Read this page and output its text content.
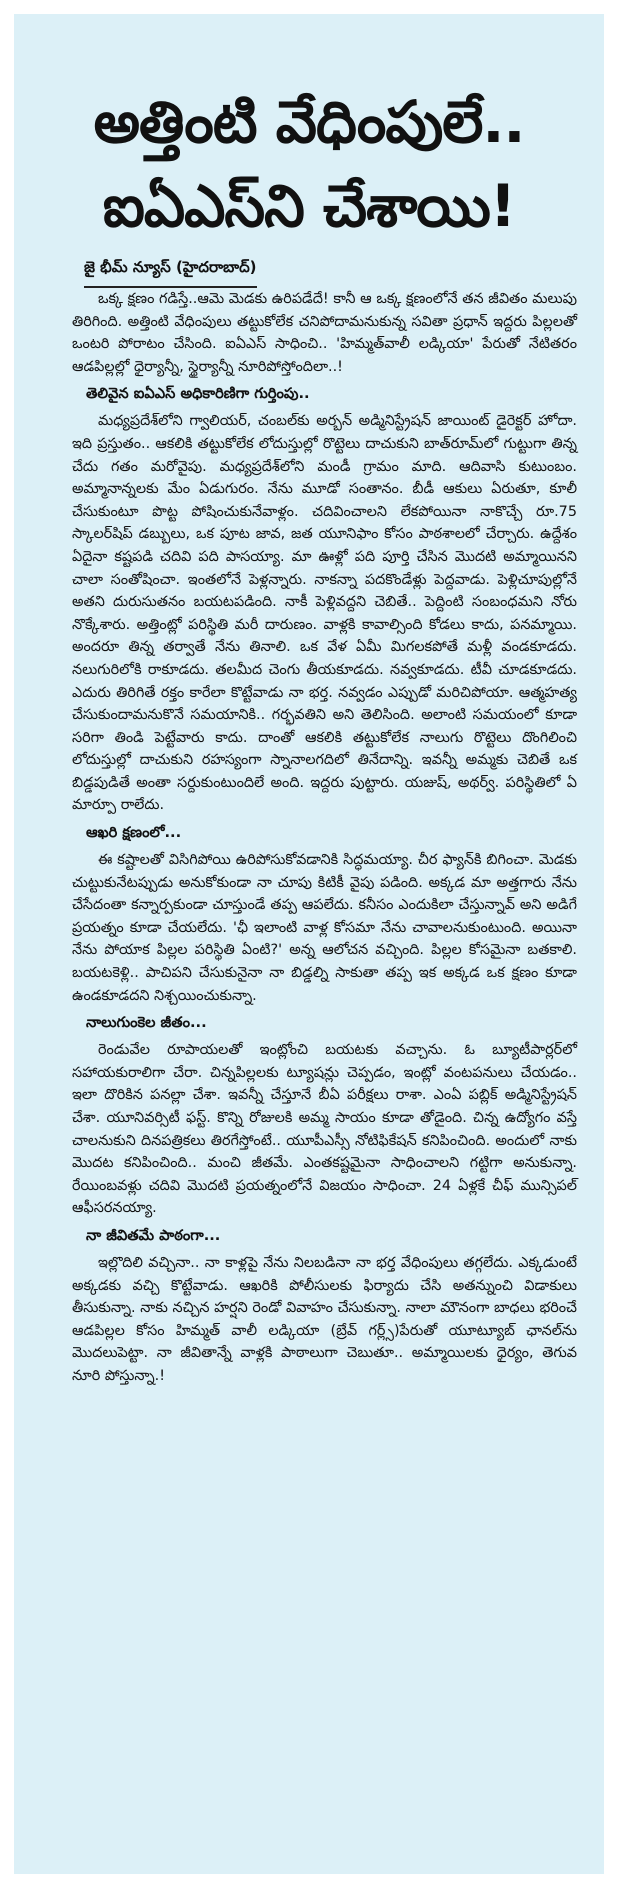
అత్తింటి వేధింపులే..
ఐఏఎస్‌ని చేశాయి!
జై భీమ్ న్యూస్ (హైదరాబాద్)

ఒక్క క్షణం గడిస్తే..ఆమె మెడకు ఉరిపడేదే! కానీ ఆ ఒక్క క్షణంలోనే తన జీవితం మలుపు తిరిగింది. అత్తింటి వేధింపులు తట్టుకోలేక చనిపోదామనుకున్న సవితా ప్రధాన్ ఇద్దరు పిల్లలతో ఒంటరి పోరాటం చేసింది. ఐఏఎస్ సాధించి.. 'హిమ్మత్‌వాలీ లడ్కియా' పేరుతో నేటితరం ఆడపిల్లల్లో ధైర్యాన్నీ, స్థైర్యాన్నీ నూరిపోస్తోందిలా..!

తెలివైన ఐఏఎస్ అధికారిణిగా గుర్తింపు..

మధ్యప్రదేశ్‌లోని గ్వాలియర్, చంబల్‌కు అర్బన్ అడ్మినిస్ట్రేషన్ జాయింట్ డైరెక్టర్ హోదా. ఇది ప్రస్తుతం.. ఆకలికి తట్టుకోలేక లోదుస్తుల్లో రొట్టెలు దాచుకుని బాత్‌రూమ్‌లో గుట్టుగా తిన్న చేదు గతం మరోవైపు. మధ్యప్రదేశ్‌లోని మండీ గ్రామం మాది. ఆదివాసి కుటుంబం. అమ్మానాన్నలకు మేం ఏడుగురం. నేను మూడో సంతానం. బీడీ ఆకులు ఏరుతూ, కూలీ చేసుకుంటూ పొట్ట పోషించుకునేవాళ్లం. చదివించాలని లేకపోయినా నాకొచ్చే రూ.75 స్కాలర్‌షిప్ డబ్బులు, ఒక పూట జావ, జత యూనిఫాం కోసం పాఠశాలలో చేర్చారు. ఉద్దేశం ఏదైనా కష్టపడి చదివి పది పాసయ్యా. మా ఊళ్లో పది పూర్తి చేసిన మొదటి అమ్మాయినని చాలా సంతోషించా. ఇంతలోనే పెళ్లన్నారు. నాకన్నా పదకొండేళ్లు పెద్దవాడు. పెళ్లిచూపుల్లోనే అతని దురుసుతనం బయటపడింది. నాకీ పెళ్లివద్దని చెబితే.. పెద్దింటి సంబంధమని నోరు నొక్కేశారు. అత్తింట్లో పరిస్థితి మరీ దారుణం. వాళ్లకి కావాల్సింది కోడలు కాదు, పనమ్మాయి. అందరూ తిన్న తర్వాతే నేను తినాలి. ఒక వేళ ఏమీ మిగలకపోతే మళ్లీ వండకూడదు. నలుగురిలోకి రాకూడదు. తలమీద చెంగు తీయకూడదు. నవ్వకూడదు. టీవీ చూడకూడదు. ఎదురు తిరిగితే రక్తం కారేలా కొట్టేవాడు నా భర్త. నవ్వడం ఎప్పుడో మరిచిపోయా. ఆత్మహత్య చేసుకుందామనుకొనే సమయానికి.. గర్భవతిని అని తెలిసింది. అలాంటి సమయంలో కూడా సరిగా తిండి పెట్టేవారు కాదు. దాంతో ఆకలికి తట్టుకోలేక నాలుగు రొట్టెలు దొంగిలించి లోదుస్తుల్లో దాచుకుని రహస్యంగా స్నానాలగదిలో తినేదాన్ని. ఇవన్నీ అమ్మకు చెబితే ఒక బిడ్డపుడితే అంతా సర్దుకుంటుందిలే అంది. ఇద్దరు పుట్టారు. యజుష్, అథర్వ్. పరిస్థితిలో ఏ మార్పూ రాలేదు.

ఆఖరి క్షణంలో...

ఈ కష్టాలతో విసిగిపోయి ఉరిపోసుకోవడానికి సిద్ధమయ్యా. చీర ఫ్యాన్‌కి బిగించా. మెడకు చుట్టుకునేటప్పుడు అనుకోకుండా నా చూపు కిటికీ వైపు పడింది. అక్కడ మా అత్తగారు నేను చేసేదంతా కన్నార్పకుండా చూస్తుండే తప్ప ఆపలేదు. కనీసం ఎందుకిలా చేస్తున్నావ్ అని అడిగే ప్రయత్నం కూడా చేయలేదు. 'ఛీ ఇలాంటి వాళ్ల కోసమా నేను చావాలనుకుంటుంది. అయినా నేను పోయాక పిల్లల పరిస్థితి ఏంటి?' అన్న ఆలోచన వచ్చింది. పిల్లల కోసమైనా బతకాలి. బయటకెళ్లి.. పాచిపని చేసుకునైనా నా బిడ్డల్ని సాకుతా తప్ప ఇక అక్కడ ఒక క్షణం కూడా ఉండకూడదని నిశ్చయించుకున్నా.

నాలుగుంకెల జీతం...

రెండువేల రూపాయలతో ఇంట్లోంచి బయటకు వచ్చాను. ఓ బ్యూటీపార్లర్‌లో సహాయకురాలిగా చేరా. చిన్నపిల్లలకు ట్యూషన్లు చెప్పడం, ఇంట్లో వంటపనులు చేయడం.. ఇలా దొరికిన పనల్లా చేశా. ఇవన్నీ చేస్తూనే బీఏ పరీక్షలు రాశా. ఎంఏ పబ్లిక్ అడ్మినిస్ట్రేషన్ చేశా. యూనివర్సిటీ ఫస్ట్. కొన్ని రోజులకి అమ్మ సాయం కూడా తోడైంది. చిన్న ఉద్యోగం వస్తే చాలనుకుని దినపత్రికలు తిరగేస్తోంటే.. యూపీఎస్సీ నోటిఫికేషన్ కనిపించింది. అందులో నాకు మొదట కనిపించింది.. మంచి జీతమే. ఎంతకష్టమైనా సాధించాలని గట్టిగా అనుకున్నా. రేయింబవళ్లు చదివి మొదటి ప్రయత్నంలోనే విజయం సాధించా. 24 ఏళ్లకే చీఫ్ మున్సిపల్ ఆఫీసరన‌య్యా.

నా జీవితమే పాఠంగా...

ఇల్లొదిలి వచ్చినా.. నా కాళ్లపై నేను నిలబడినా నా భర్త వేధింపులు తగ్గలేదు. ఎక్కడుంటే అక్కడకు వచ్చి కొట్టేవాడు. ఆఖరికి పోలీసులకు ఫిర్యాదు చేసి అతన్నుంచి విడాకులు తీసుకున్నా. నాకు నచ్చిన హర్షని రెండో వివాహం చేసుకున్నా. నాలా మౌనంగా బాధలు భరించే ఆడపిల్లల కోసం హిమ్మత్ వాలీ లడ్కియా (బ్రేవ్ గర్ల్స్)పేరుతో యూట్యూబ్ ఛానల్‌ను మొదలుపెట్టా. నా జీవితాన్నే వాళ్లకి పాఠాలుగా చెబుతూ.. అమ్మాయిలకు ధైర్యం, తెగువ నూరి పోస్తున్నా.!
